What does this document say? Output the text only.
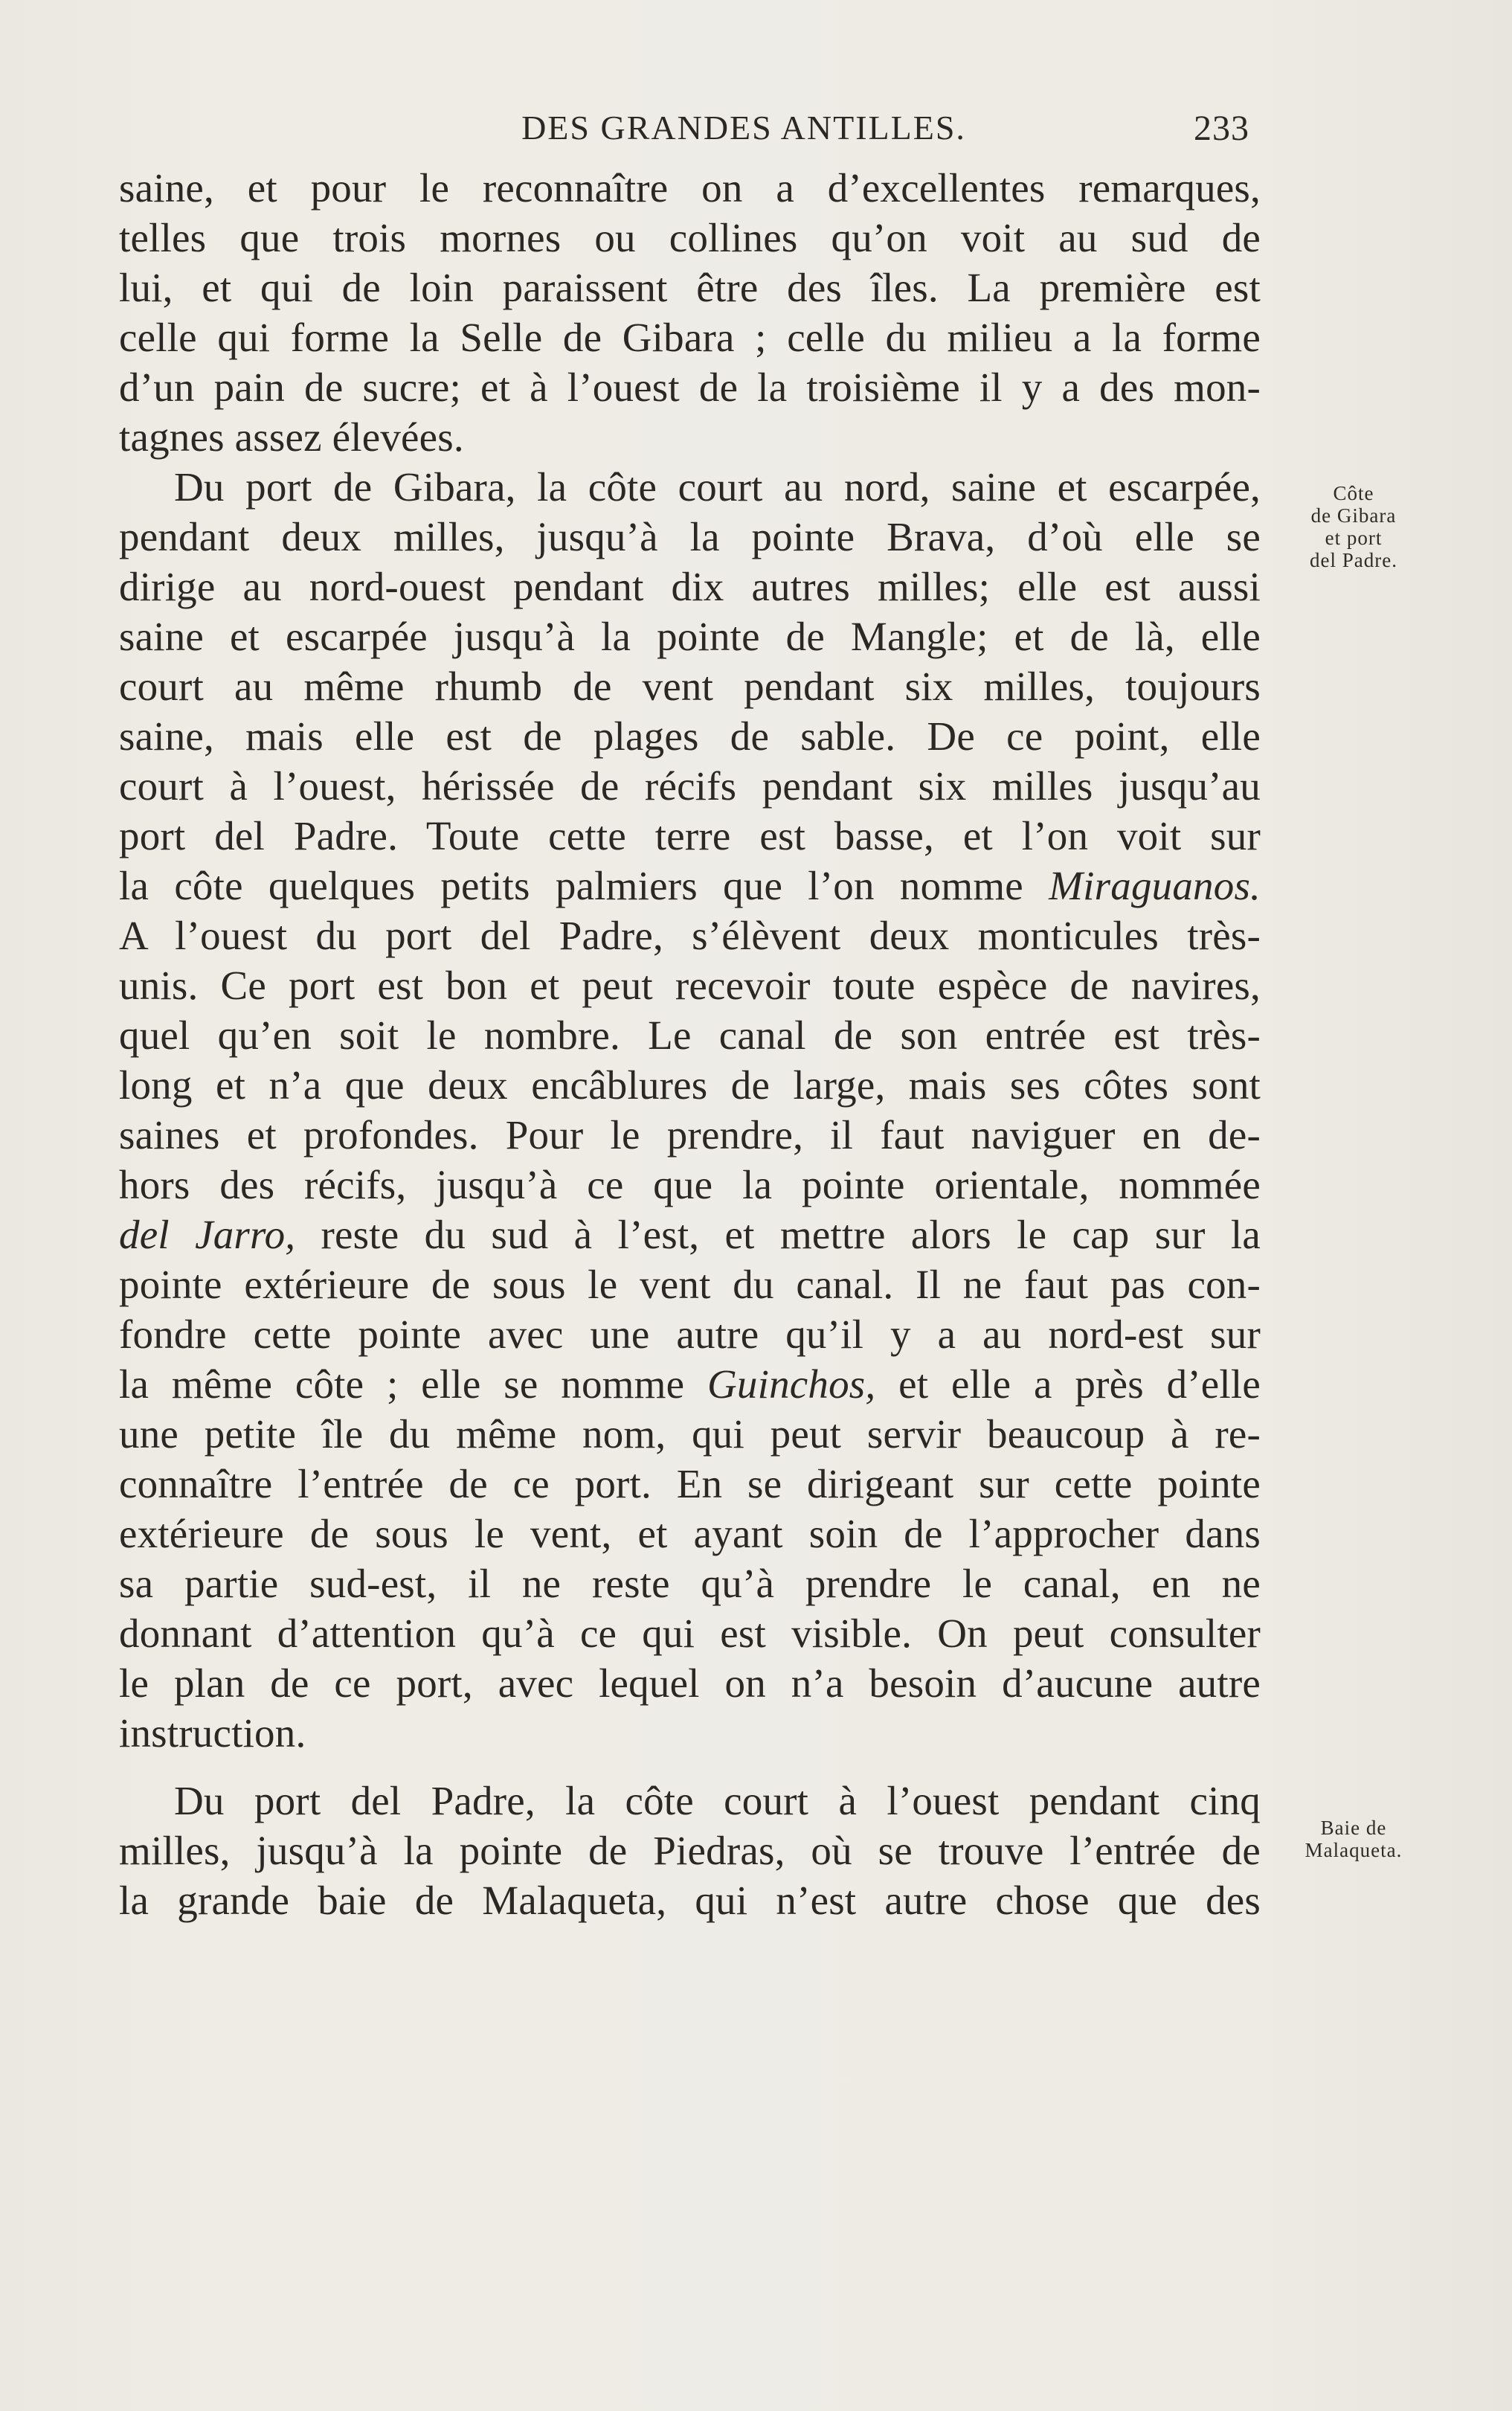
DES GRANDES ANTILLES.	233
saine, et pour le reconnaître on a d’excellentes remarques,
telles que trois mornes ou collines qu’on voit au sud de
lui, et qui de loin paraissent être des îles. La première est
celle qui forme la Selle de Gibara ; celle du milieu a la forme
d’un pain de sucre; et à l’ouest de la troisième il y a des mon-
tagnes assez élevées.
Du port de Gibara, la côte court au nord, saine et escarpée,
pendant deux milles, jusqu’à la pointe Brava, d’où elle se
dirige au nord-ouest pendant dix autres milles; elle est aussi
saine et escarpée jusqu’à la pointe de Mangle; et de là, elle
court au même rhumb de vent pendant six milles, toujours
saine, mais elle est de plages de sable. De ce point, elle
court à l’ouest, hérissée de récifs pendant six milles jusqu’au
port del Padre. Toute cette terre est basse, et l’on voit sur
la côte quelques petits palmiers que l’on nomme Miraguanos.
A l’ouest du port del Padre, s’élèvent deux monticules très-
unis. Ce port est bon et peut recevoir toute espèce de navires,
quel qu’en soit le nombre. Le canal de son entrée est très-
long et n’a que deux encâblures de large, mais ses côtes sont
saines et profondes. Pour le prendre, il faut naviguer en de-
hors des récifs, jusqu’à ce que la pointe orientale, nommée
del Jarro, reste du sud à l’est, et mettre alors le cap sur la
pointe extérieure de sous le vent du canal. Il ne faut pas con-
fondre cette pointe avec une autre qu’il y a au nord-est sur
la même côte ; elle se nomme Guinchos, et elle a près d’elle
une petite île du même nom, qui peut servir beaucoup à re-
connaître l’entrée de ce port. En se dirigeant sur cette pointe
extérieure de sous le vent, et ayant soin de l’approcher dans
sa partie sud-est, il ne reste qu’à prendre le canal, en ne
donnant d’attention qu’à ce qui est visible. On peut consulter
le plan de ce port, avec lequel on n’a besoin d’aucune autre
instruction.
Du port del Padre, la côte court à l’ouest pendant cinq
milles, jusqu’à la pointe de Piedras, où se trouve l’entrée de
la grande baie de Malaqueta, qui n’est autre chose que des
Côte
de Gibara
et port
del Padre.
Baie de
Malaqueta.
